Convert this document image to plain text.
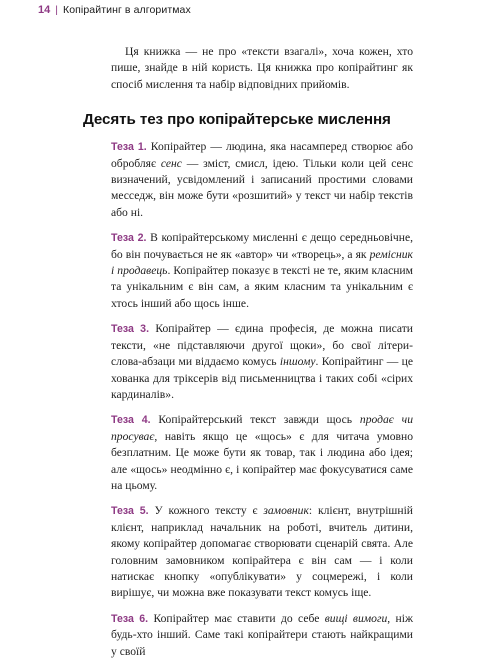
14 | Копірайтинг в алгоритмах

Ця книжка — не про «тексти взагалі», хоча кожен, хто пише, знайде в ній користь. Ця книжка про копірайтинг як спосіб мислення та набір відповідних прийомів.

Десять тез про копірайтерське мислення

Теза 1. Копірайтер — людина, яка насамперед створює або обробляє сенс — зміст, смисл, ідею. Тільки коли цей сенс визначений, усвідомлений і записаний простими словами месседж, він може бути «розшитий» у текст чи набір текстів або ні.

Теза 2. В копірайтерському мисленні є дещо середньовічне, бо він почувається не як «автор» чи «творець», а як ремісник і продавець. Копірайтер показує в тексті не те, яким класним та унікальним є він сам, а яким класним та унікальним є хтось інший або щось інше.

Теза 3. Копірайтер — єдина професія, де можна писати тексти, «не підставляючи другої щоки», бо свої літери-слова-абзаци ми віддаємо комусь іншому. Копірайтинг — це хованка для тріксерів від письменництва і таких собі «сірих кардиналів».

Теза 4. Копірайтерський текст завжди щось продає чи просуває, навіть якщо це «щось» є для читача умовно безплатним. Це може бути як товар, так і людина або ідея; але «щось» неодмінно є, і копірайтер має фокусуватися саме на цьому.

Теза 5. У кожного тексту є замовник: клієнт, внутрішній клієнт, наприклад начальник на роботі, вчитель дитини, якому копірайтер допомагає створювати сценарій свята. Але головним замовником копірайтера є він сам — і коли натискає кнопку «опублікувати» у соцмережі, і коли вирішує, чи можна вже показувати текст комусь іще.

Теза 6. Копірайтер має ставити до себе вищі вимоги, ніж будь-хто інший. Саме такі копірайтери стають найкращими у своїй
